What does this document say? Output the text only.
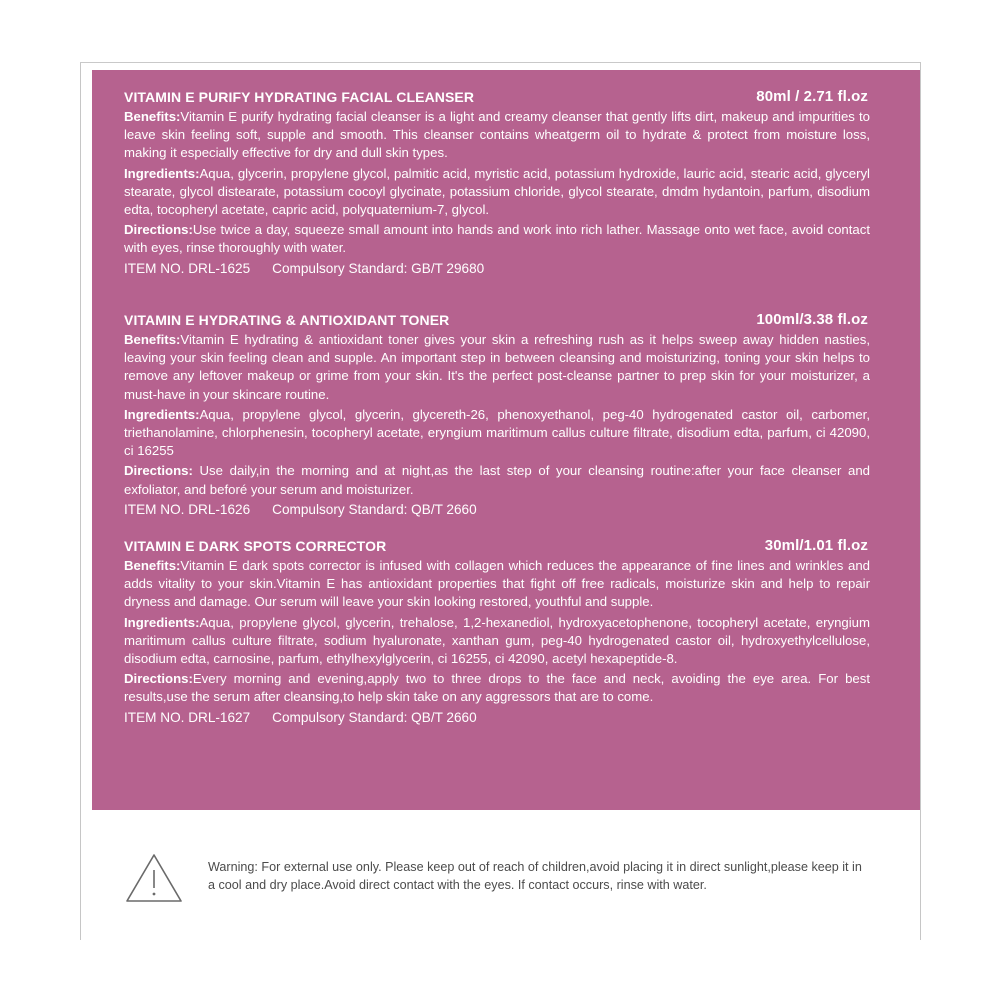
VITAMIN E PURIFY HYDRATING FACIAL CLEANSER	80ml / 2.71 fl.oz

Benefits:Vitamin E purify hydrating facial cleanser is a light and creamy cleanser that gently lifts dirt, makeup and impurities to leave skin feeling soft, supple and smooth. This cleanser contains wheatgerm oil to hydrate & protect from moisture loss, making it especially effective for dry and dull skin types.

Ingredients:Aqua, glycerin, propylene glycol, palmitic acid, myristic acid, potassium hydroxide, lauric acid, stearic acid, glyceryl stearate, glycol distearate, potassium cocoyl glycinate, potassium chloride, glycol stearate, dmdm hydantoin, parfum, disodium edta, tocopheryl acetate, capric acid, polyquaternium-7, glycol.

Directions:Use twice a day, squeeze small amount into hands and work into rich lather. Massage onto wet face, avoid contact with eyes, rinse thoroughly with water.

ITEM NO. DRL-1625 Compulsory Standard: GB/T 29680
VITAMIN E HYDRATING & ANTIOXIDANT TONER	100ml/3.38 fl.oz

Benefits:Vitamin E hydrating & antioxidant toner gives your skin a refreshing rush as it helps sweep away hidden nasties, leaving your skin feeling clean and supple. An important step in between cleansing and moisturizing, toning your skin helps to remove any leftover makeup or grime from your skin. It's the perfect post-cleanse partner to prep skin for your moisturizer, a must-have in your skincare routine.

Ingredients:Aqua, propylene glycol, glycerin, glycereth-26, phenoxyethanol, peg-40 hydrogenated castor oil, carbomer, triethanolamine, chlorphenesin, tocopheryl acetate, eryngium maritimum callus culture filtrate, disodium edta, parfum, ci 42090, ci 16255

Directions: Use daily,in the morning and at night,as the last step of your cleansing routine:after your face cleanser and exfoliator, and beforé your serum and moisturizer.

ITEM NO. DRL-1626 Compulsory Standard: QB/T 2660
VITAMIN E DARK SPOTS CORRECTOR	30ml/1.01 fl.oz

Benefits:Vitamin E dark spots corrector is infused with collagen which reduces the appearance of fine lines and wrinkles and adds vitality to your skin.Vitamin E has antioxidant properties that fight off free radicals, moisturize skin and help to repair dryness and damage. Our serum will leave your skin looking restored, youthful and supple.

Ingredients:Aqua, propylene glycol, glycerin, trehalose, 1,2-hexanediol, hydroxyacetophenone, tocopheryl acetate, eryngium maritimum callus culture filtrate, sodium hyaluronate, xanthan gum, peg-40 hydrogenated castor oil, hydroxyethylcellulose, disodium edta, carnosine, parfum, ethylhexylglycerin, ci 16255, ci 42090, acetyl hexapeptide-8.

Directions:Every morning and evening,apply two to three drops to the face and neck, avoiding the eye area. For best results,use the serum after cleansing,to help skin take on any aggressors that are to come.

ITEM NO. DRL-1627 Compulsory Standard: QB/T 2660
Warning: For external use only. Please keep out of reach of children,avoid placing it in direct sunlight,please keep it in a cool and dry place.Avoid direct contact with the eyes. If contact occurs, rinse with water.
